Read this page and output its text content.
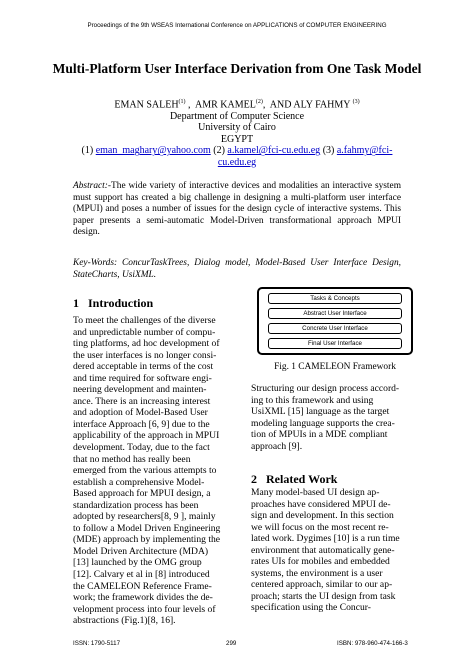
Proceedings of the 9th WSEAS International Conference on APPLICATIONS of COMPUTER ENGINEERING
Multi-Platform User Interface Derivation from One Task Model
EMAN SALEH$^{(1)}$ ,  AMR KAMEL$^{(2)}$,  AND ALY FAHMY $^{(3)}$
Department of Computer Science
University of Cairo
EGYPT
(1) eman_maghary@yahoo.com (2) a.kamel@fci-cu.edu.eg (3) a.fahmy@fci-
cu.edu.eg
Abstract:-The wide variety of interactive devices and modalities an interactive system must support has created a big challenge in designing a multi-platform user interface (MPUI) and poses a number of issues for the design cycle of interactive systems. This paper presents a semi-automatic Model-Driven transformational approach MPUI design.
Key-Words: ConcurTaskTrees, Dialog model, Model-Based User Interface Design, StateCharts, UsiXML.
1 Introduction

To meet the challenges of the diverse

and unpredictable number of compu-

ting platforms, ad hoc development of

the user interfaces is no longer consi-

dered acceptable in terms of the cost

and time required for software engi-

neering development and mainten-

ance. There is an increasing interest

and adoption of Model-Based User

interface Approach [6, 9] due to the

applicability of the approach in MPUI

development. Today, due to the fact

that no method has really been

emerged from the various attempts to

establish a comprehensive Model-

Based approach for MPUI design, a

standardization process has been

adopted by researchers[8, 9 ], mainly

to follow a Model Driven Engineering

(MDE) approach by implementing the

Model Driven Architecture (MDA)

[13] launched by the OMG group

[12]. Calvary et al in [8] introduced

the CAMELEON Reference Frame-

work; the framework divides the de-

velopment process into four levels of

abstractions (Fig.1)[8, 16].

Tasks & Concepts
Abstract User Interface
Concrete User Interface
Final User Interface
Fig. 1 CAMELEON Framework

Structuring our design process accord-

ing to this framework and using

UsiXML [15] language as the target

modeling language supports the crea-

tion of MPUIs in a MDE compliant

approach [9].

2 Related Work

Many model-based UI design ap-

proaches have considered MPUI de-

sign and development. In this section

we will focus on the most recent re-

lated work. Dygimes [10] is a run time

environment that automatically gene-

rates UIs for mobiles and embedded

systems, the environment is a user

centered approach, similar to our ap-

proach; starts the UI design from task

specification using the Concur-

ISSN: 1790-5117	299	ISBN: 978-960-474-166-3
